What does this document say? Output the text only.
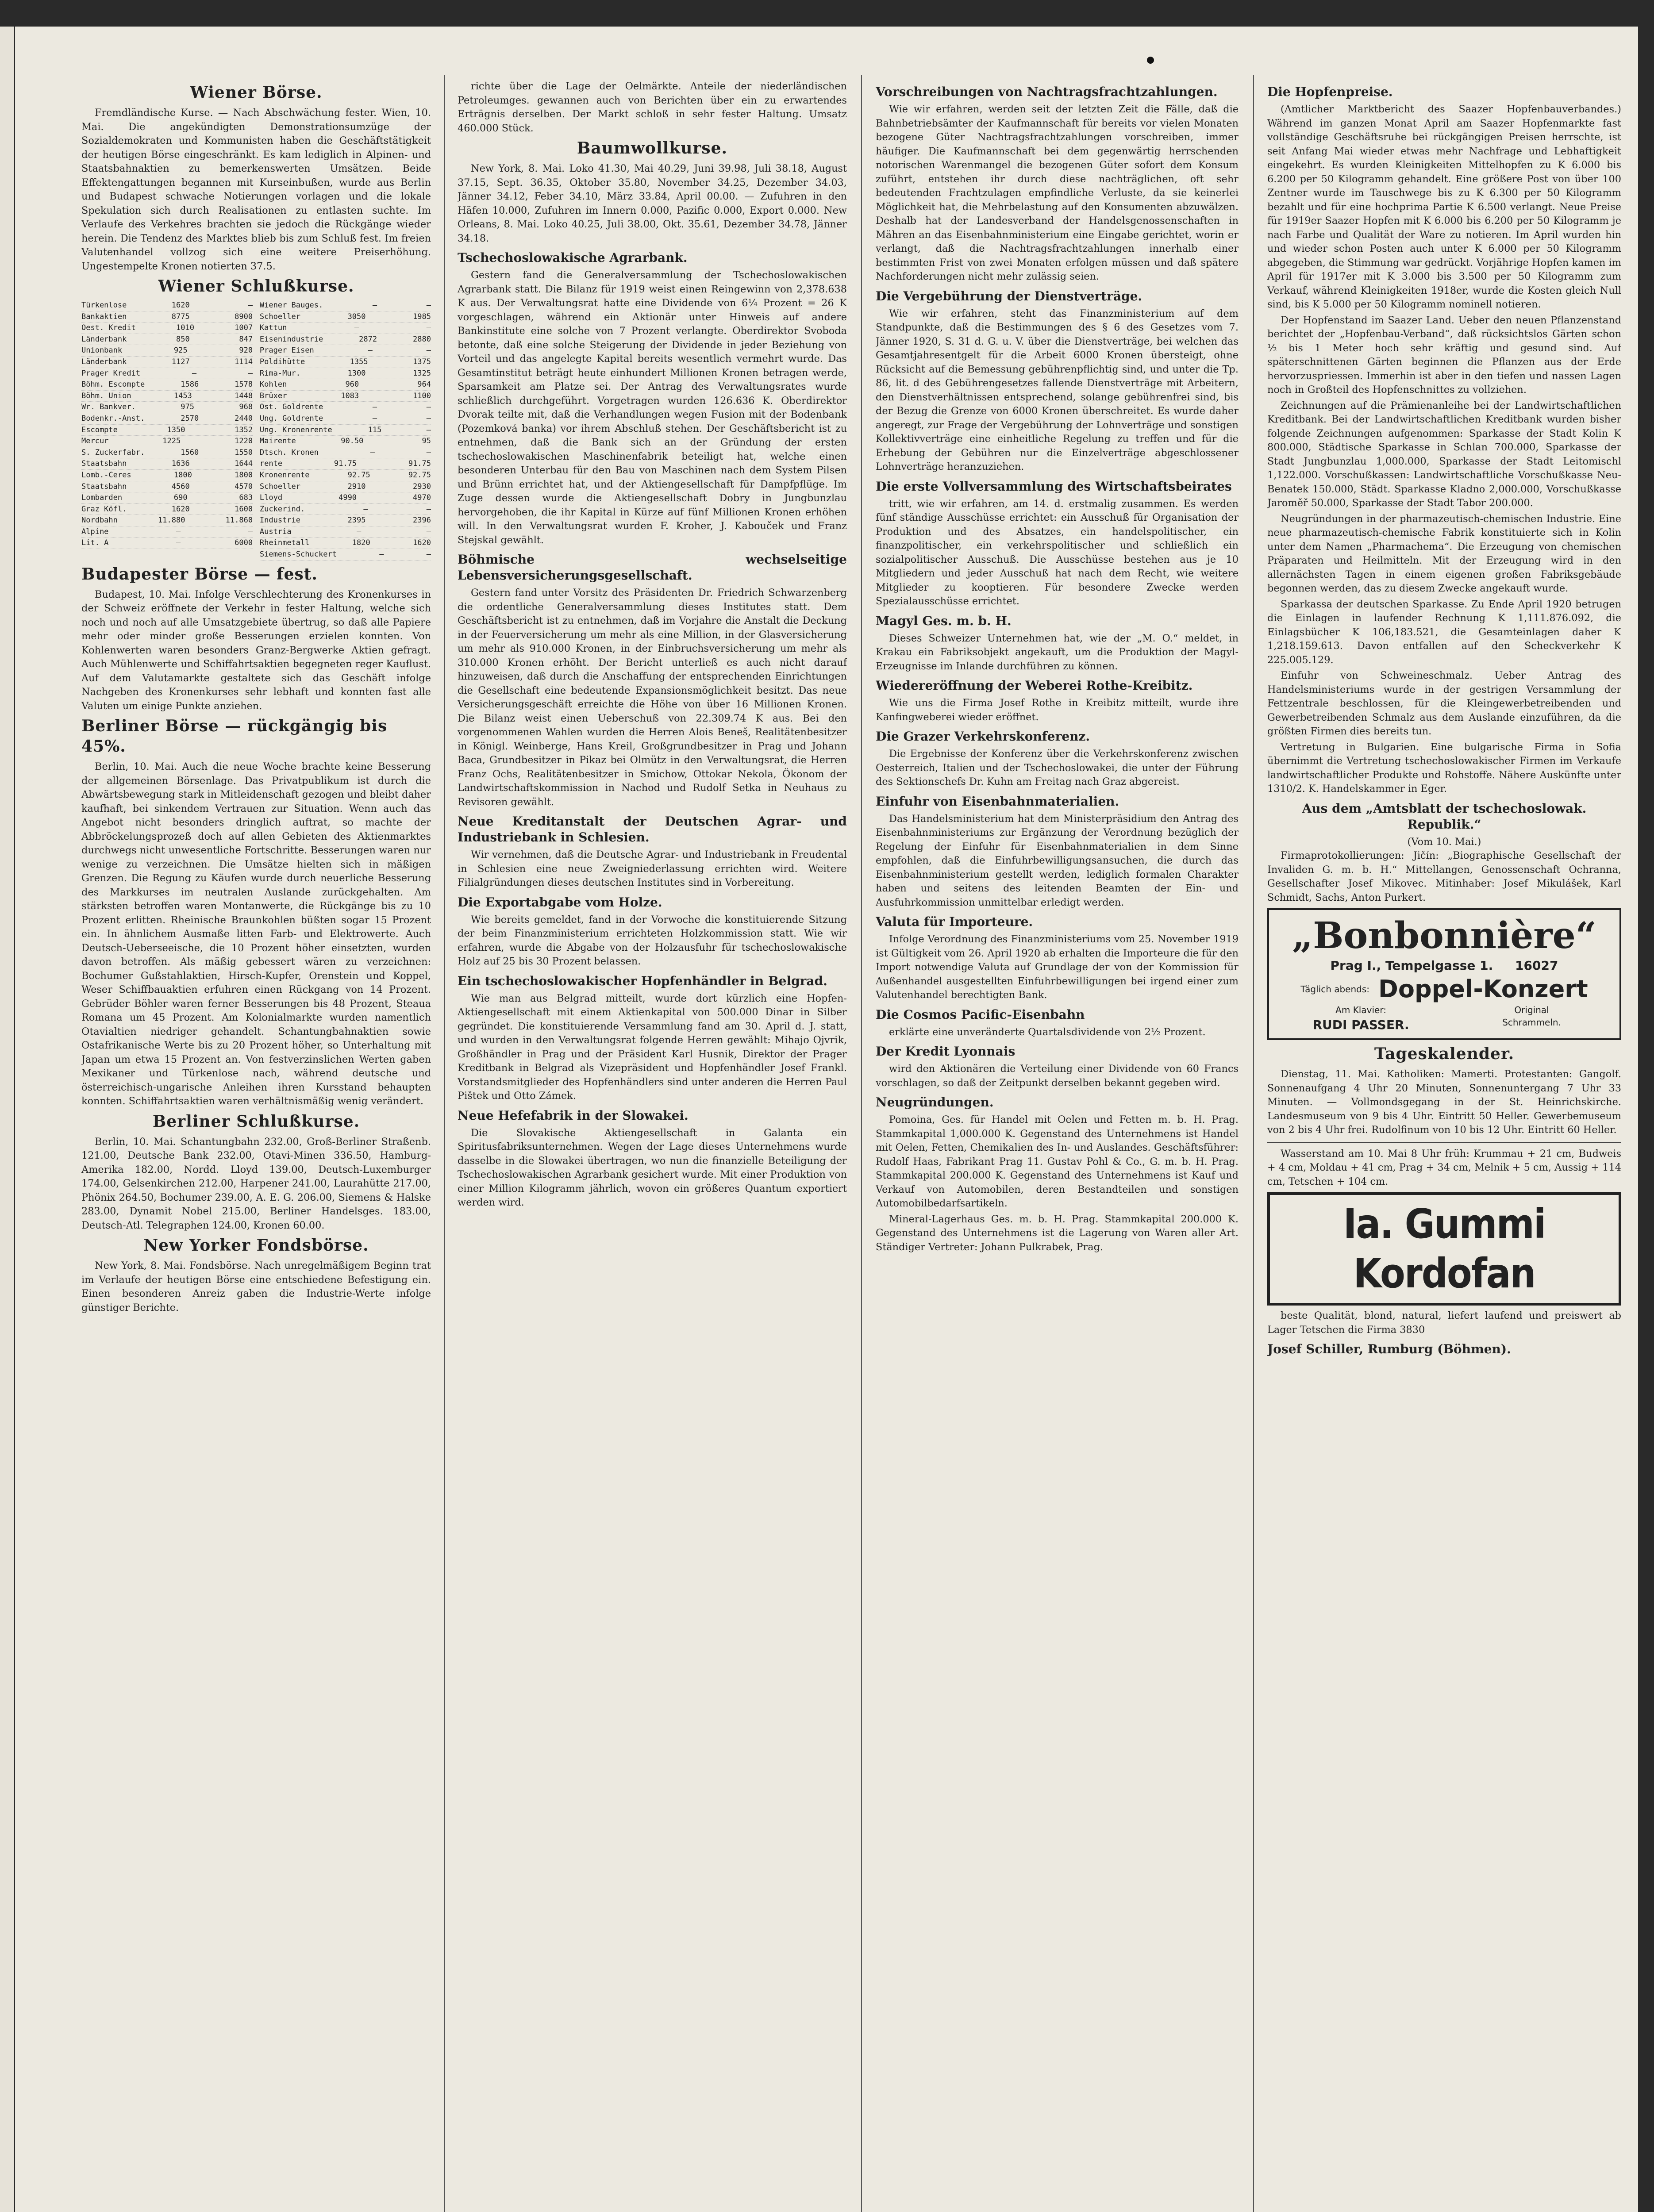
Wiener Börse.

Fremdländische Kurse. — Nach Abschwächung fester. Wien, 10. Mai. Die angekündigten Demonstrationsumzüge der Sozialdemokraten und Kommunisten haben die Geschäftstätigkeit der heutigen Börse eingeschränkt. Es kam lediglich in Alpinen- und Staatsbahnaktien zu bemerkenswerten Umsätzen. Beide Effektengattungen begannen mit Kurseinbußen, wurde aus Berlin und Budapest schwache Notierungen vorlagen und die lokale Spekulation sich durch Realisationen zu entlasten suchte. Im Verlaufe des Verkehres brachten sie jedoch die Rückgänge wieder herein. Die Tendenz des Marktes blieb bis zum Schluß fest. Im freien Valutenhandel vollzog sich eine weitere Preiserhöhung. Ungestempelte Kronen notierten 37.5.

Wiener Schlußkurse.
Türkenlose	1620	—
Bankaktien	8775	8900
Oest. Kredit	1010	1007
Länderbank	850	847
Unionbank	925	920
Länderbank	1127	1114
Prager Kredit	—	—
Böhm. Escompte	1586	1578
Böhm. Union	1453	1448
Wr. Bankver.	975	968
Bodenkr.-Anst.	2570	2440
Escompte	1350	1352
Mercur	1225	1220
S. Zuckerfabr.	1560	1550
Staatsbahn	1636	1644
Lomb.-Ceres	1800	1800
Staatsbahn	4560	4570
Lombarden	690	683
Graz Köfl.	1620	1600
Nordbahn	11.880	11.860
Alpine	—	—
Lit. A	—	6000
Wiener Bauges.	—	—
Schoeller	3050	1985
Kattun	—	—
Eisenindustrie	2872	2880
Prager Eisen	—	—
Poldihütte	1355	1375
Rima-Mur.	1300	1325
Kohlen	960	964
Brüxer	1083	1100
Ost. Goldrente	—	—
Ung. Goldrente	—	—
Ung. Kronenrente	115	—
Mairente	90.50	95
Dtsch. Kronen	—	—
rente	91.75	91.75
Kronenrente	92.75	92.75
Schoeller	2910	2930
Lloyd	4990	4970
Zuckerind.	—	—
Industrie	2395	2396
Austria	—	—
Rheinmetall	1820	1620
Siemens-Schuckert	—	—
Budapester Börse — fest.

Budapest, 10. Mai. Infolge Verschlechterung des Kronenkurses in der Schweiz eröffnete der Verkehr in fester Haltung, welche sich noch und noch auf alle Umsatzgebiete übertrug, so daß alle Papiere mehr oder minder große Besserungen erzielen konnten. Von Kohlenwerten waren besonders Granz-Bergwerke Aktien gefragt. Auch Mühlenwerte und Schiffahrtsaktien begegneten reger Kauflust. Auf dem Valutamarkte gestaltete sich das Geschäft infolge Nachgeben des Kronenkurses sehr lebhaft und konnten fast alle Valuten um einige Punkte anziehen.

Berliner Börse — rückgängig bis 45%.

Berlin, 10. Mai. Auch die neue Woche brachte keine Besserung der allgemeinen Börsenlage. Das Privatpublikum ist durch die Abwärtsbewegung stark in Mitleidenschaft gezogen und bleibt daher kaufhaft, bei sinkendem Vertrauen zur Situation. Wenn auch das Angebot nicht besonders dringlich auftrat, so machte der Abbröckelungsprozeß doch auf allen Gebieten des Aktienmarktes durchwegs nicht unwesentliche Fortschritte. Besserungen waren nur wenige zu verzeichnen. Die Umsätze hielten sich in mäßigen Grenzen. Die Regung zu Käufen wurde durch neuerliche Besserung des Markkurses im neutralen Auslande zurückgehalten. Am stärksten betroffen waren Montanwerte, die Rückgänge bis zu 10 Prozent erlitten. Rheinische Braunkohlen büßten sogar 15 Prozent ein. In ähnlichem Ausmaße litten Farb- und Elektrowerte. Auch Deutsch-Ueberseeische, die 10 Prozent höher einsetzten, wurden davon betroffen. Als mäßig gebessert wären zu verzeichnen: Bochumer Gußstahlaktien, Hirsch-Kupfer, Orenstein und Koppel, Weser Schiffbauaktien erfuhren einen Rückgang von 14 Prozent. Gebrüder Böhler waren ferner Besserungen bis 48 Prozent, Steaua Romana um 45 Prozent. Am Kolonialmarkte wurden namentlich Otavialtien niedriger gehandelt. Schantungbahnaktien sowie Ostafrikanische Werte bis zu 20 Prozent höher, so Unterhaltung mit Japan um etwa 15 Prozent an. Von festverzinslichen Werten gaben Mexikaner und Türkenlose nach, während deutsche und österreichisch-ungarische Anleihen ihren Kursstand behaupten konnten. Schiffahrtsaktien waren verhältnismäßig wenig verändert.

Berliner Schlußkurse.

Berlin, 10. Mai. Schantungbahn 232.00, Groß-Berliner Straßenb. 121.00, Deutsche Bank 232.00, Otavi-Minen 336.50, Hamburg-Amerika 182.00, Nordd. Lloyd 139.00, Deutsch-Luxemburger 174.00, Gelsenkirchen 212.00, Harpener 241.00, Laurahütte 217.00, Phönix 264.50, Bochumer 239.00, A. E. G. 206.00, Siemens & Halske 283.00, Dynamit Nobel 215.00, Berliner Handelsges. 183.00, Deutsch-Atl. Telegraphen 124.00, Kronen 60.00.

New Yorker Fondsbörse.

New York, 8. Mai. Fondsbörse. Nach unregelmäßigem Beginn trat im Verlaufe der heutigen Börse eine entschiedene Befestigung ein. Einen besonderen Anreiz gaben die Industrie-Werte infolge günstiger Berichte.

richte über die Lage der Oelmärkte. Anteile der niederländischen Petroleumges. gewannen auch von Berichten über ein zu erwartendes Erträgnis derselben. Der Markt schloß in sehr fester Haltung. Umsatz 460.000 Stück.

Baumwollkurse.

New York, 8. Mai. Loko 41.30, Mai 40.29, Juni 39.98, Juli 38.18, August 37.15, Sept. 36.35, Oktober 35.80, November 34.25, Dezember 34.03, Jänner 34.12, Feber 34.10, März 33.84, April 00.00. — Zufuhren in den Häfen 10.000, Zufuhren im Innern 0.000, Pazific 0.000, Export 0.000. New Orleans, 8. Mai. Loko 40.25, Juli 38.00, Okt. 35.61, Dezember 34.78, Jänner 34.18.

Tschechoslowakische Agrarbank.

Gestern fand die Generalversammlung der Tschechoslowakischen Agrarbank statt. Die Bilanz für 1919 weist einen Reingewinn von 2,378.638 K aus. Der Verwaltungsrat hatte eine Dividende von 6¼ Prozent = 26 K vorgeschlagen, während ein Aktionär unter Hinweis auf andere Bankinstitute eine solche von 7 Prozent verlangte. Oberdirektor Svoboda betonte, daß eine solche Steigerung der Dividende in jeder Beziehung von Vorteil und das angelegte Kapital bereits wesentlich vermehrt wurde. Das Gesamtinstitut beträgt heute einhundert Millionen Kronen betragen werde, Sparsamkeit am Platze sei. Der Antrag des Verwaltungsrates wurde schließlich durchgeführt. Vorgetragen wurden 126.636 K. Oberdirektor Dvorak teilte mit, daß die Verhandlungen wegen Fusion mit der Bodenbank (Pozemková banka) vor ihrem Abschluß stehen. Der Geschäftsbericht ist zu entnehmen, daß die Bank sich an der Gründung der ersten tschechoslowakischen Maschinenfabrik beteiligt hat, welche einen besonderen Unterbau für den Bau von Maschinen nach dem System Pilsen und Brünn errichtet hat, und der Aktiengesellschaft für Dampfpflüge. Im Zuge dessen wurde die Aktiengesellschaft Dobry in Jungbunzlau hervorgehoben, die ihr Kapital in Kürze auf fünf Millionen Kronen erhöhen will. In den Verwaltungsrat wurden F. Kroher, J. Kabouček und Franz Stejskal gewählt.

Böhmische wechselseitige Lebensversicherungsgesellschaft.

Gestern fand unter Vorsitz des Präsidenten Dr. Friedrich Schwarzenberg die ordentliche Generalversammlung dieses Institutes statt. Dem Geschäftsbericht ist zu entnehmen, daß im Vorjahre die Anstalt die Deckung in der Feuerversicherung um mehr als eine Million, in der Glasversicherung um mehr als 910.000 Kronen, in der Einbruchsversicherung um mehr als 310.000 Kronen erhöht. Der Bericht unterließ es auch nicht darauf hinzuweisen, daß durch die Anschaffung der entsprechenden Einrichtungen die Gesellschaft eine bedeutende Expansionsmöglichkeit besitzt. Das neue Versicherungsgeschäft erreichte die Höhe von über 16 Millionen Kronen. Die Bilanz weist einen Ueberschuß von 22.309.74 K aus. Bei den vorgenommenen Wahlen wurden die Herren Alois Beneš, Realitätenbesitzer in Königl. Weinberge, Hans Kreil, Großgrundbesitzer in Prag und Johann Baca, Grundbesitzer in Pikaz bei Olmütz in den Verwaltungsrat, die Herren Franz Ochs, Realitätenbesitzer in Smichow, Ottokar Nekola, Ökonom der Landwirtschaftskommission in Nachod und Rudolf Setka in Neuhaus zu Revisoren gewählt.

Neue Kreditanstalt der Deutschen Agrar- und Industriebank in Schlesien.

Wir vernehmen, daß die Deutsche Agrar- und Industriebank in Freudental in Schlesien eine neue Zweigniederlassung errichten wird. Weitere Filialgründungen dieses deutschen Institutes sind in Vorbereitung.

Die Exportabgabe vom Holze.

Wie bereits gemeldet, fand in der Vorwoche die konstituierende Sitzung der beim Finanzministerium errichteten Holzkommission statt. Wie wir erfahren, wurde die Abgabe von der Holzausfuhr für tschechoslowakische Holz auf 25 bis 30 Prozent belassen.

Ein tschechoslowakischer Hopfenhändler in Belgrad.

Wie man aus Belgrad mitteilt, wurde dort kürzlich eine Hopfen-Aktiengesellschaft mit einem Aktienkapital von 500.000 Dinar in Silber gegründet. Die konstituierende Versammlung fand am 30. April d. J. statt, und wurden in den Verwaltungsrat folgende Herren gewählt: Mihajo Ojvrik, Großhändler in Prag und der Präsident Karl Husnik, Direktor der Prager Kreditbank in Belgrad als Vizepräsident und Hopfenhändler Josef Frankl. Vorstandsmitglieder des Hopfenhändlers sind unter anderen die Herren Paul Pištek und Otto Zámek.

Neue Hefefabrik in der Slowakei.

Die Slovakische Aktiengesellschaft in Galanta ein Spiritusfabriksunternehmen. Wegen der Lage dieses Unternehmens wurde dasselbe in die Slowakei übertragen, wo nun die finanzielle Beteiligung der Tschechoslowakischen Agrarbank gesichert wurde. Mit einer Produktion von einer Million Kilogramm jährlich, wovon ein größeres Quantum exportiert werden wird.

Vorschreibungen von Nachtragsfrachtzahlungen.

Wie wir erfahren, werden seit der letzten Zeit die Fälle, daß die Bahnbetriebsämter der Kaufmannschaft für bereits vor vielen Monaten bezogene Güter Nachtragsfrachtzahlungen vorschreiben, immer häufiger. Die Kaufmannschaft bei dem gegenwärtig herrschenden notorischen Warenmangel die bezogenen Güter sofort dem Konsum zuführt, entstehen ihr durch diese nachträglichen, oft sehr bedeutenden Frachtzulagen empfindliche Verluste, da sie keinerlei Möglichkeit hat, die Mehrbelastung auf den Konsumenten abzuwälzen. Deshalb hat der Landesverband der Handelsgenossenschaften in Mähren an das Eisenbahnministerium eine Eingabe gerichtet, worin er verlangt, daß die Nachtragsfrachtzahlungen innerhalb einer bestimmten Frist von zwei Monaten erfolgen müssen und daß spätere Nachforderungen nicht mehr zulässig seien.

Die Vergebührung der Dienstverträge.

Wie wir erfahren, steht das Finanzministerium auf dem Standpunkte, daß die Bestimmungen des § 6 des Gesetzes vom 7. Jänner 1920, S. 31 d. G. u. V. über die Dienstverträge, bei welchen das Gesamtjahresentgelt für die Arbeit 6000 Kronen übersteigt, ohne Rücksicht auf die Bemessung gebührenpflichtig sind, und unter die Tp. 86, lit. d des Gebührengesetzes fallende Dienstverträge mit Arbeitern, den Dienstverhältnissen entsprechend, solange gebührenfrei sind, bis der Bezug die Grenze von 6000 Kronen überschreitet. Es wurde daher angeregt, zur Frage der Vergebührung der Lohnverträge und sonstigen Kollektivverträge eine einheitliche Regelung zu treffen und für die Erhebung der Gebühren nur die Einzelverträge abgeschlossener Lohnverträge heranzuziehen.

Die erste Vollversammlung des Wirtschaftsbeirates

tritt, wie wir erfahren, am 14. d. erstmalig zusammen. Es werden fünf ständige Ausschüsse errichtet: ein Ausschuß für Organisation der Produktion und des Absatzes, ein handelspolitischer, ein finanzpolitischer, ein verkehrspolitischer und schließlich ein sozialpolitischer Ausschuß. Die Ausschüsse bestehen aus je 10 Mitgliedern und jeder Ausschuß hat nach dem Recht, wie weitere Mitglieder zu kooptieren. Für besondere Zwecke werden Spezialausschüsse errichtet.

Magyl Ges. m. b. H.

Dieses Schweizer Unternehmen hat, wie der „M. O.“ meldet, in Krakau ein Fabriksobjekt angekauft, um die Produktion der Magyl-Erzeugnisse im Inlande durchführen zu können.

Wiedereröffnung der Weberei Rothe-Kreibitz.

Wie uns die Firma Josef Rothe in Kreibitz mitteilt, wurde ihre Kanfingweberei wieder eröffnet.

Die Grazer Verkehrskonferenz.

Die Ergebnisse der Konferenz über die Verkehrskonferenz zwischen Oesterreich, Italien und der Tschechoslowakei, die unter der Führung des Sektionschefs Dr. Kuhn am Freitag nach Graz abgereist.

Einfuhr von Eisenbahnmaterialien.

Das Handelsministerium hat dem Ministerpräsidium den Antrag des Eisenbahnministeriums zur Ergänzung der Verordnung bezüglich der Regelung der Einfuhr für Eisenbahnmaterialien in dem Sinne empfohlen, daß die Einfuhrbewilligungsansuchen, die durch das Eisenbahnministerium gestellt werden, lediglich formalen Charakter haben und seitens des leitenden Beamten der Ein- und Ausfuhrkommission unmittelbar erledigt werden.

Valuta für Importeure.

Infolge Verordnung des Finanzministeriums vom 25. November 1919 ist Gültigkeit vom 26. April 1920 ab erhalten die Importeure die für den Import notwendige Valuta auf Grundlage der von der Kommission für Außenhandel ausgestellten Einfuhrbewilligungen bei irgend einer zum Valutenhandel berechtigten Bank.

Die Cosmos Pacific-Eisenbahn

erklärte eine unveränderte Quartalsdividende von 2½ Prozent.

Der Kredit Lyonnais

wird den Aktionären die Verteilung einer Dividende von 60 Francs vorschlagen, so daß der Zeitpunkt derselben bekannt gegeben wird.

Neugründungen.

Pomoina, Ges. für Handel mit Oelen und Fetten m. b. H. Prag. Stammkapital 1,000.000 K. Gegenstand des Unternehmens ist Handel mit Oelen, Fetten, Chemikalien des In- und Auslandes. Geschäftsführer: Rudolf Haas, Fabrikant Prag 11. Gustav Pohl & Co., G. m. b. H. Prag. Stammkapital 200.000 K. Gegenstand des Unternehmens ist Kauf und Verkauf von Automobilen, deren Bestandteilen und sonstigen Automobilbedarfsartikeln.

Mineral-Lagerhaus Ges. m. b. H. Prag. Stammkapital 200.000 K. Gegenstand des Unternehmens ist die Lagerung von Waren aller Art. Ständiger Vertreter: Johann Pulkrabek, Prag.

Die Hopfenpreise.

(Amtlicher Marktbericht des Saazer Hopfenbauverbandes.) Während im ganzen Monat April am Saazer Hopfenmarkte fast vollständige Geschäftsruhe bei rückgängigen Preisen herrschte, ist seit Anfang Mai wieder etwas mehr Nachfrage und Lebhaftigkeit eingekehrt. Es wurden Kleinigkeiten Mittelhopfen zu K 6.000 bis 6.200 per 50 Kilogramm gehandelt. Eine größere Post von über 100 Zentner wurde im Tauschwege bis zu K 6.300 per 50 Kilogramm bezahlt und für eine hochprima Partie K 6.500 verlangt. Neue Preise für 1919er Saazer Hopfen mit K 6.000 bis 6.200 per 50 Kilogramm je nach Farbe und Qualität der Ware zu notieren. Im April wurden hin und wieder schon Posten auch unter K 6.000 per 50 Kilogramm abgegeben, die Stimmung war gedrückt. Vorjährige Hopfen kamen im April für 1917er mit K 3.000 bis 3.500 per 50 Kilogramm zum Verkauf, während Kleinigkeiten 1918er, wurde die Kosten gleich Null sind, bis K 5.000 per 50 Kilogramm nominell notieren.

Der Hopfenstand im Saazer Land. Ueber den neuen Pflanzenstand berichtet der „Hopfenbau-Verband“, daß rücksichtslos Gärten schon ½ bis 1 Meter hoch sehr kräftig und gesund sind. Auf späterschnittenen Gärten beginnen die Pflanzen aus der Erde hervorzuspriessen. Immerhin ist aber in den tiefen und nassen Lagen noch in Großteil des Hopfenschnittes zu vollziehen.

Zeichnungen auf die Prämienanleihe bei der Landwirtschaftlichen Kreditbank. Bei der Landwirtschaftlichen Kreditbank wurden bisher folgende Zeichnungen aufgenommen: Sparkasse der Stadt Kolin K 800.000, Städtische Sparkasse in Schlan 700.000, Sparkasse der Stadt Jungbunzlau 1,000.000, Sparkasse der Stadt Leitomischl 1,122.000. Vorschußkassen: Landwirtschaftliche Vorschußkasse Neu-Benatek 150.000, Städt. Sparkasse Kladno 2,000.000, Vorschußkasse Jaroměř 50.000, Sparkasse der Stadt Tabor 200.000.

Neugründungen in der pharmazeutisch-chemischen Industrie. Eine neue pharmazeutisch-chemische Fabrik konstituierte sich in Kolin unter dem Namen „Pharmachema“. Die Erzeugung von chemischen Präparaten und Heilmitteln. Mit der Erzeugung wird in den allernächsten Tagen in einem eigenen großen Fabriksgebäude begonnen werden, das zu diesem Zwecke angekauft wurde.

Sparkassa der deutschen Sparkasse. Zu Ende April 1920 betrugen die Einlagen in laufender Rechnung K 1,111.876.092, die Einlagsbücher K 106,183.521, die Gesamteinlagen daher K 1,218.159.613. Davon entfallen auf den Scheckverkehr K 225.005.129.

Einfuhr von Schweineschmalz. Ueber Antrag des Handelsministeriums wurde in der gestrigen Versammlung der Fettzentrale beschlossen, für die Kleingewerbetreibenden und Gewerbetreibenden Schmalz aus dem Auslande einzuführen, da die größten Firmen dies bereits tun.

Vertretung in Bulgarien. Eine bulgarische Firma in Sofia übernimmt die Vertretung tschechoslowakischer Firmen im Verkaufe landwirtschaftlicher Produkte und Rohstoffe. Nähere Auskünfte unter 1310/2. K. Handelskammer in Eger.

Aus dem „Amtsblatt der tschechoslowak. Republik.“
(Vom 10. Mai.)

Firmaprotokollierungen: Jičín: „Biographische Gesellschaft der Invaliden G. m. b. H.“ Mittellangen, Genossenschaft Ochranna, Gesellschafter Josef Mikovec. Mitinhaber: Josef Mikulášek, Karl Schmidt, Sachs, Anton Purkert.

„Bonbonnière“
Prag I., Tempelgasse 1. 16027
Täglich abends: Doppel-Konzert
Am Klavier:
RUDI PASSER.
Original Schrammeln.
Tageskalender.

Dienstag, 11. Mai. Katholiken: Mamerti. Protestanten: Gangolf. Sonnenaufgang 4 Uhr 20 Minuten, Sonnenuntergang 7 Uhr 33 Minuten. — Vollmondsgegang in der St. Heinrichskirche. Landesmuseum von 9 bis 4 Uhr. Eintritt 50 Heller. Gewerbemuseum von 2 bis 4 Uhr frei. Rudolfinum von 10 bis 12 Uhr. Eintritt 60 Heller.

Wasserstand am 10. Mai 8 Uhr früh: Krummau + 21 cm, Budweis + 4 cm, Moldau + 41 cm, Prag + 34 cm, Melnik + 5 cm, Aussig + 114 cm, Tetschen + 104 cm.

Ia. Gummi Kordofan

beste Qualität, blond, natural, liefert laufend und preiswert ab Lager Tetschen die Firma 3830

Josef Schiller, Rumburg (Böhmen).
